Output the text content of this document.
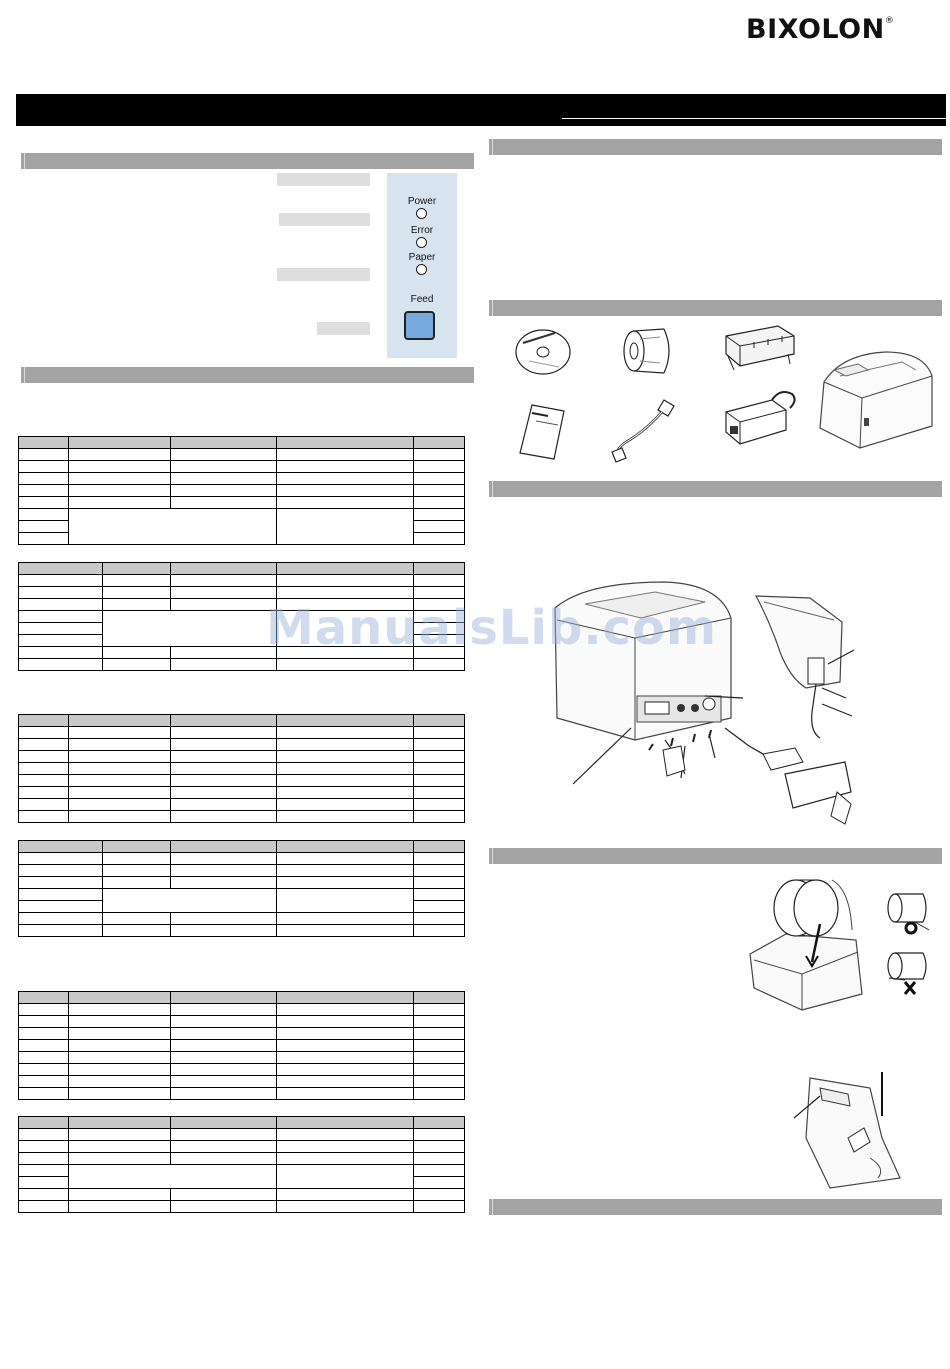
BIXOLON®
Power
Error
Paper
Feed

ManualsLib.com
